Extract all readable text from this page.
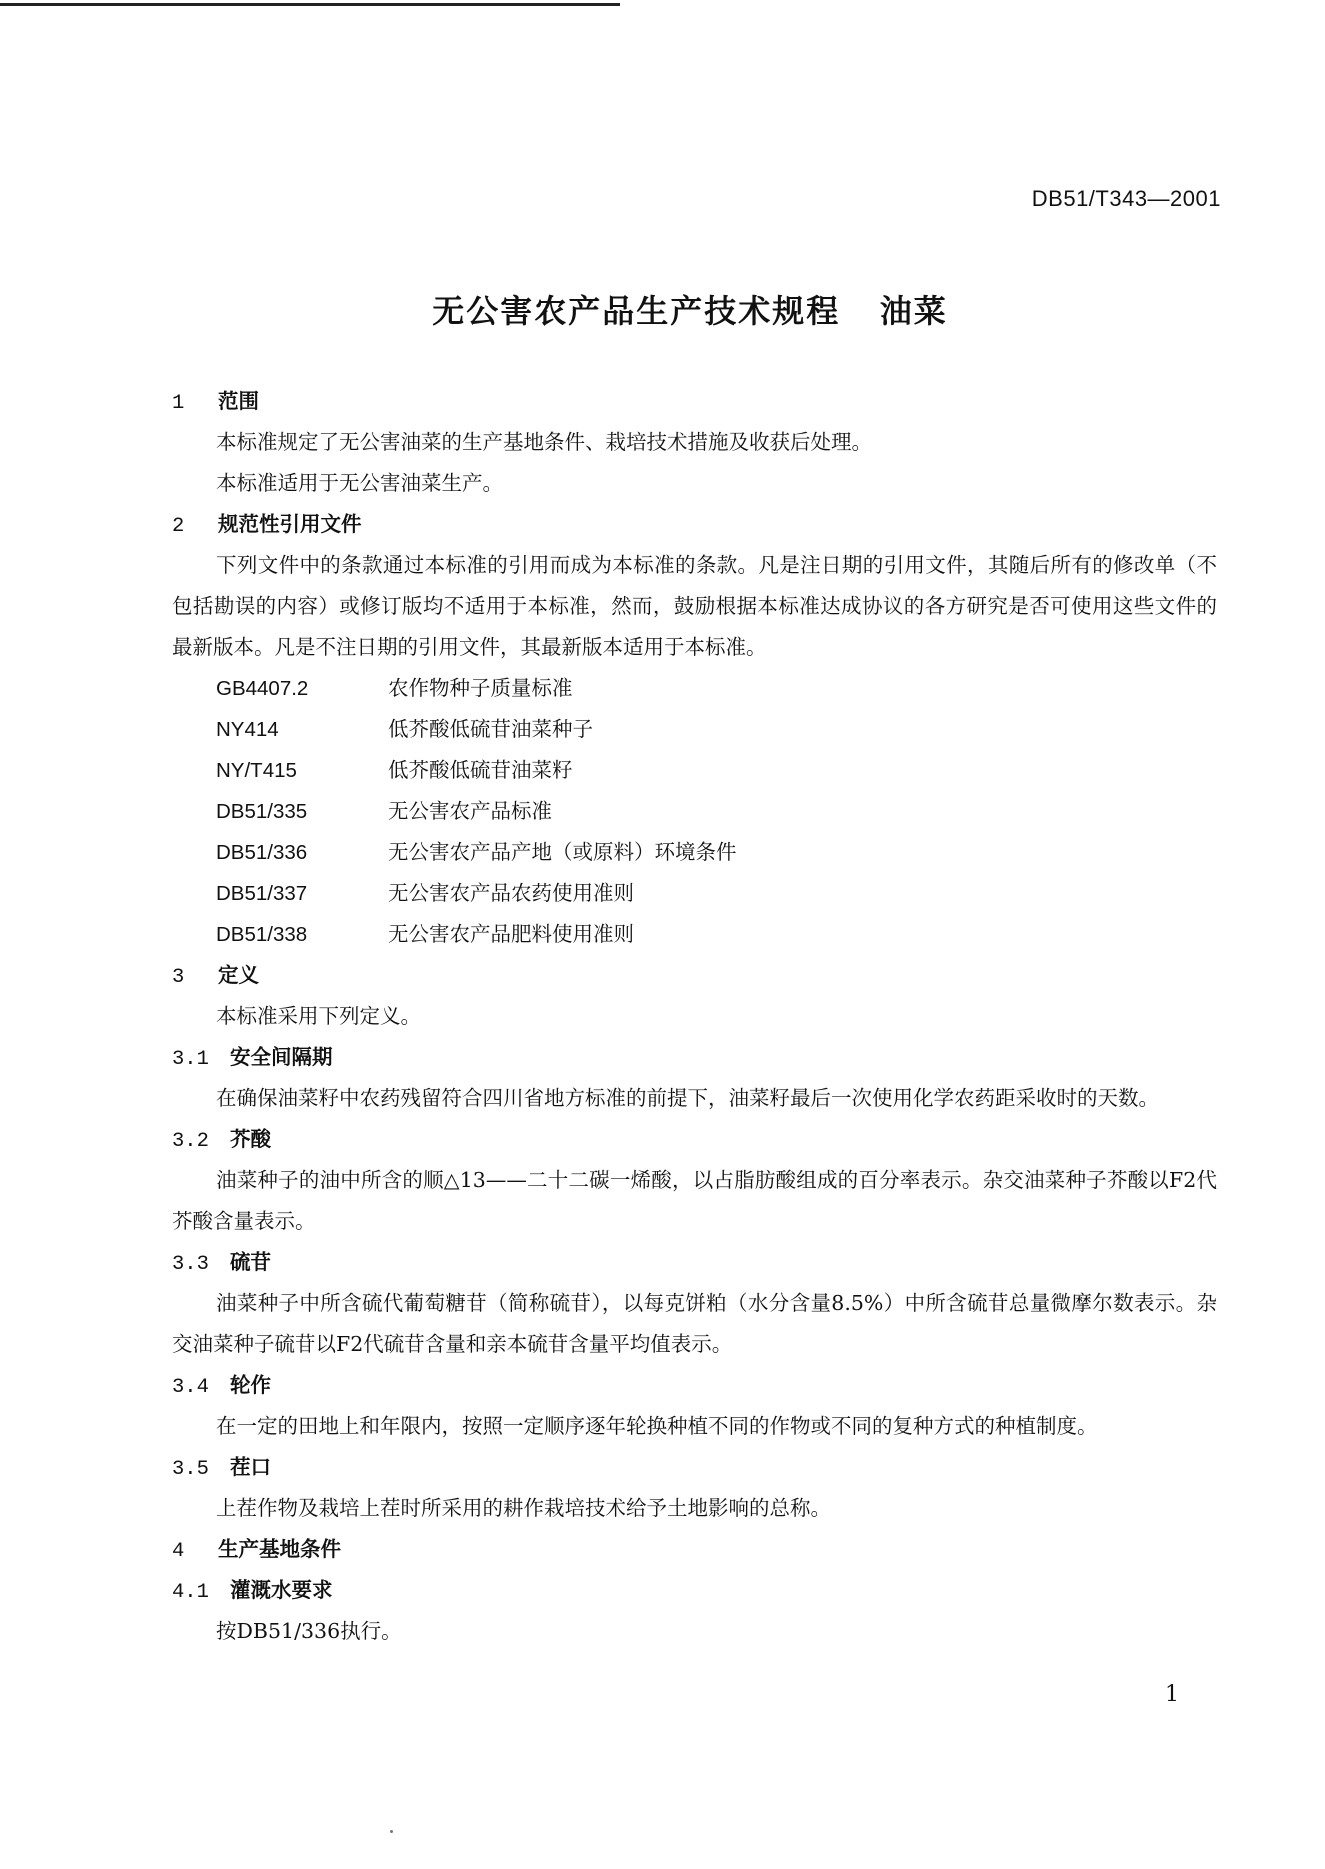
DB51/T343—2001
无公害农产品生产技术规程   油菜
1 范围
本标准规定了无公害油菜的生产基地条件、栽培技术措施及收获后处理。
本标准适用于无公害油菜生产。
2 规范性引用文件
下列文件中的条款通过本标准的引用而成为本标准的条款。凡是注日期的引用文件，其随后所有的修改单（不包括勘误的内容）或修订版均不适用于本标准，然而，鼓励根据本标准达成协议的各方研究是否可使用这些文件的最新版本。凡是不注日期的引用文件，其最新版本适用于本标准。
GB4407.2	农作物种子质量标准
NY414	低芥酸低硫苷油菜种子
NY/T415	低芥酸低硫苷油菜籽
DB51/335	无公害农产品标准
DB51/336	无公害农产品产地（或原料）环境条件
DB51/337	无公害农产品农药使用准则
DB51/338	无公害农产品肥料使用准则
3 定义
本标准采用下列定义。
3.1 安全间隔期
在确保油菜籽中农药残留符合四川省地方标准的前提下，油菜籽最后一次使用化学农药距采收时的天数。
3.2 芥酸
油菜种子的油中所含的顺△13——二十二碳一烯酸，以占脂肪酸组成的百分率表示。杂交油菜种子芥酸以F2代芥酸含量表示。
3.3 硫苷
油菜种子中所含硫代葡萄糖苷（简称硫苷），以每克饼粕（水分含量8.5%）中所含硫苷总量微摩尔数表示。杂交油菜种子硫苷以F2代硫苷含量和亲本硫苷含量平均值表示。
3.4 轮作
在一定的田地上和年限内，按照一定顺序逐年轮换种植不同的作物或不同的复种方式的种植制度。
3.5 茬口
上茬作物及栽培上茬时所采用的耕作栽培技术给予土地影响的总称。
4 生产基地条件
4.1 灌溉水要求
按DB51/336执行。
1
